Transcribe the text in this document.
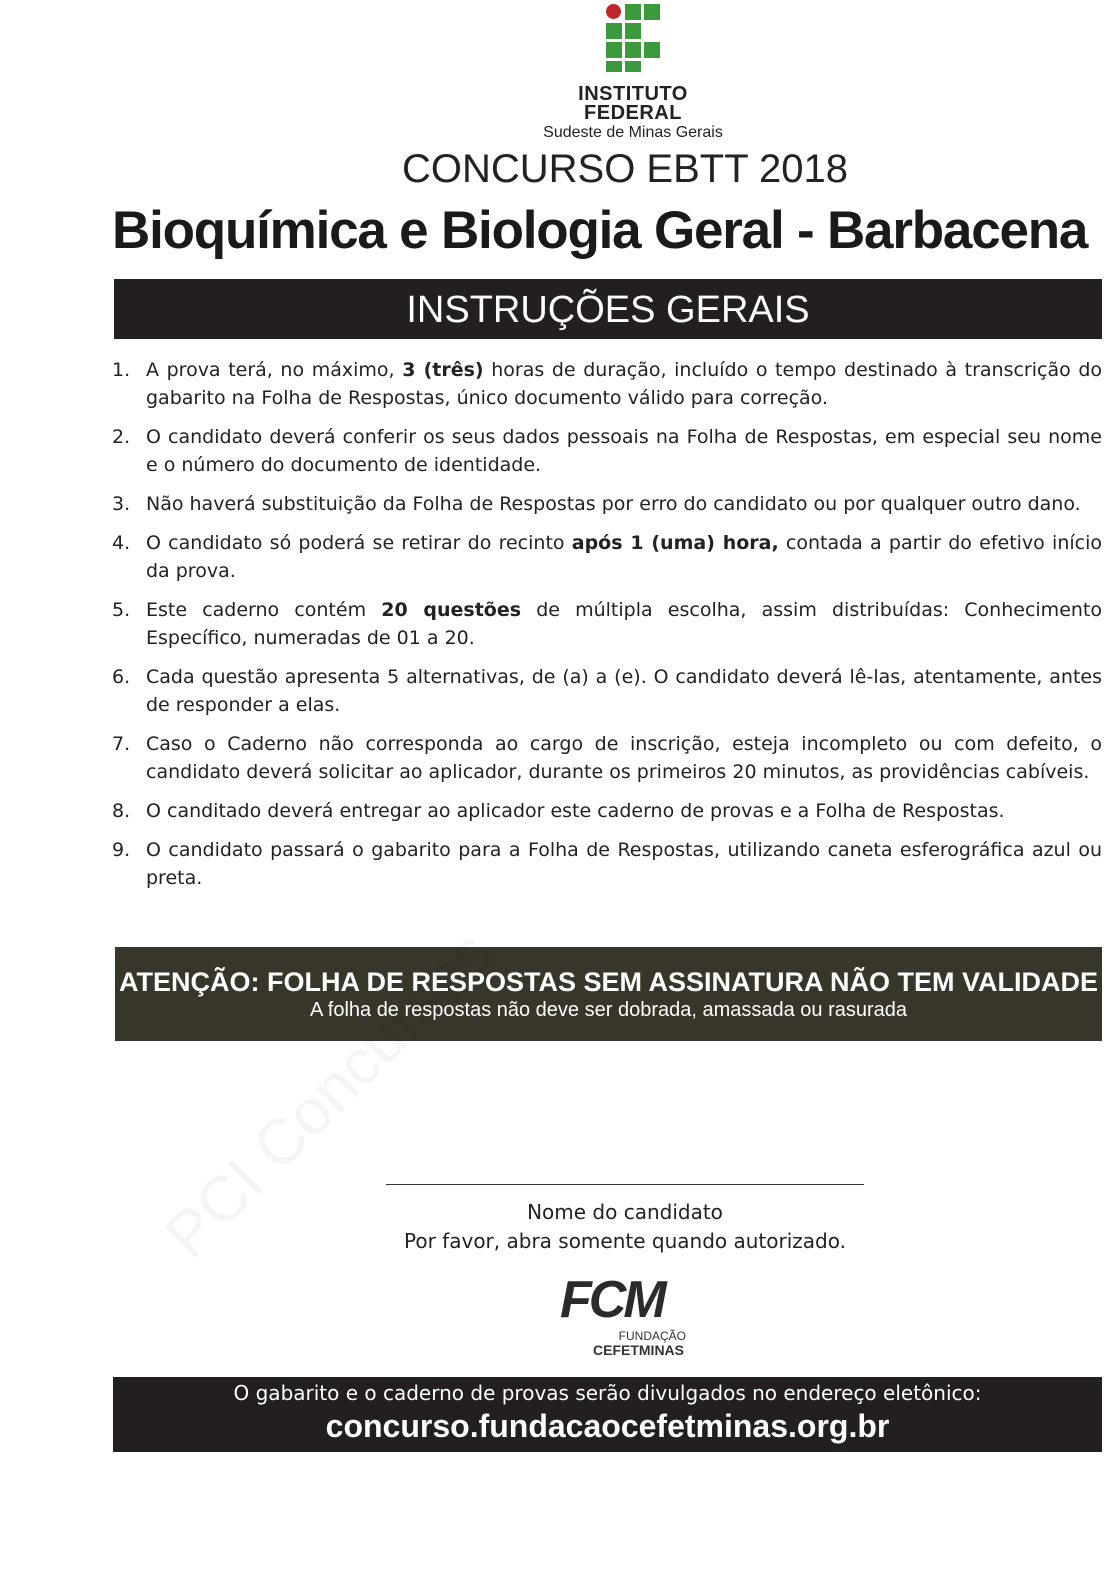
INSTITUTO
FEDERAL
Sudeste de Minas Gerais
CONCURSO EBTT 2018
Bioquímica e Biologia Geral - Barbacena
INSTRUÇÕES GERAIS
1. A prova terá, no máximo, 3 (três) horas de duração, incluído o tempo destinado à transcrição do gabarito na Folha de Respostas, único documento válido para correção.
2. O candidato deverá conferir os seus dados pessoais na Folha de Respostas, em especial seu nome e o número do documento de identidade.
3. Não haverá substituição da Folha de Respostas por erro do candidato ou por qualquer outro dano.
4. O candidato só poderá se retirar do recinto após 1 (uma) hora, contada a partir do efetivo início da prova.
5. Este caderno contém 20 questões de múltipla escolha, assim distribuídas: Conhecimento Específico, numeradas de 01 a 20.
6. Cada questão apresenta 5 alternativas, de (a) a (e). O candidato deverá lê-las, atentamente, antes de responder a elas.
7. Caso o Caderno não corresponda ao cargo de inscrição, esteja incompleto ou com defeito, o candidato deverá solicitar ao aplicador, durante os primeiros 20 minutos, as providências cabíveis.
8. O canditado deverá entregar ao aplicador este caderno de provas e a Folha de Respostas.
9. O candidato passará o gabarito para a Folha de Respostas, utilizando caneta esferográfica azul ou preta.
ATENÇÃO: FOLHA DE RESPOSTAS SEM ASSINATURA NÃO TEM VALIDADE
A folha de respostas não deve ser dobrada, amassada ou rasurada
Nome do candidato
Por favor, abra somente quando autorizado.
FCM
FUNDAÇÃO
CEFETMINAS
O gabarito e o caderno de provas serão divulgados no endereço eletônico:
concurso.fundacaocefetminas.org.br
